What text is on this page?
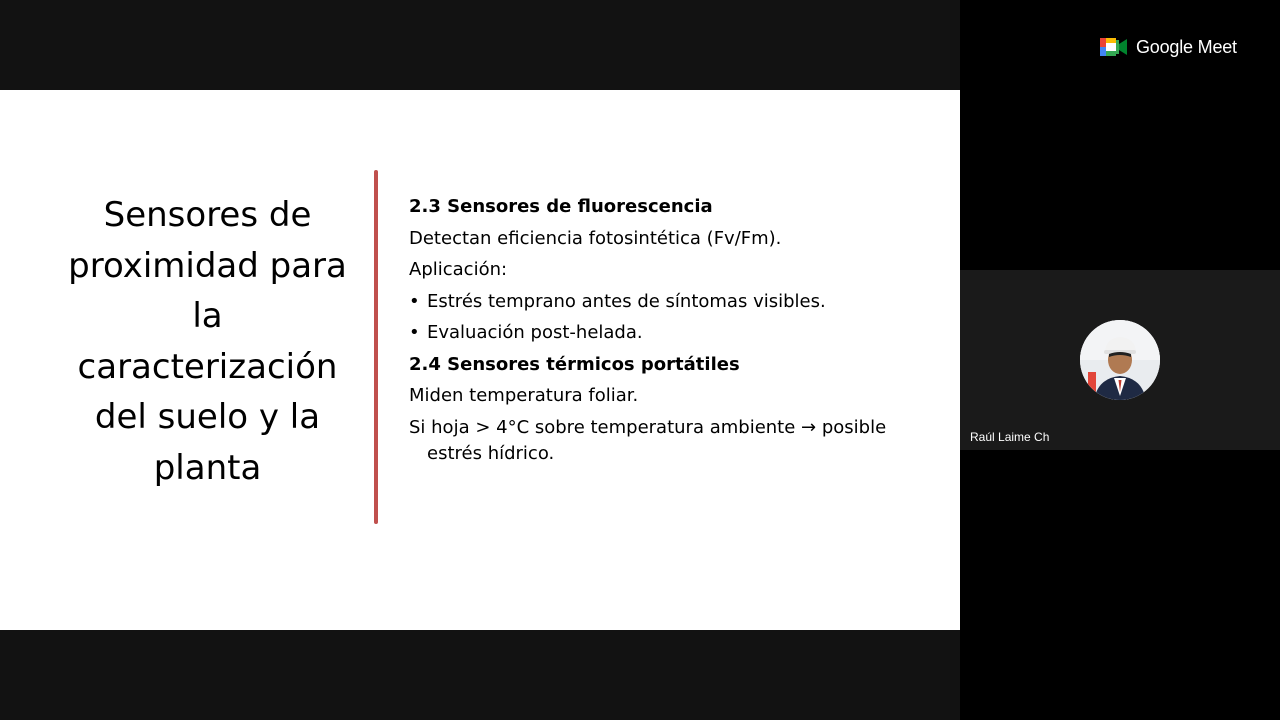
Sensores de proximidad para la caracterización del suelo y la planta
2.3 Sensores de fluorescencia
Detectan eficiencia fotosintética (Fv/Fm).
Aplicación:
• Estrés temprano antes de síntomas visibles.
• Evaluación post-helada.
2.4 Sensores térmicos portátiles
Miden temperatura foliar.
Si hoja > 4°C sobre temperatura ambiente → posible estrés hídrico.
Google Meet
Raúl Laime Ch
